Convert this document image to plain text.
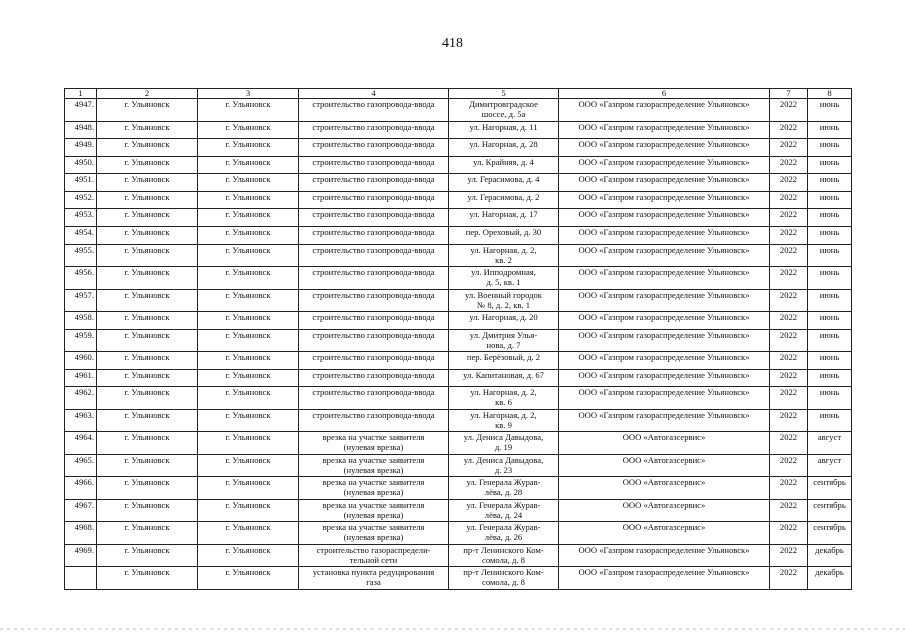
418
1	2	3	4	5	6	7	8
4947.	г. Ульяновск	г. Ульяновск	строительство газопровода-ввода	Димитровградское
шоссе, д. 5а	ООО «Газпром газораспределение Ульяновск»	2022	июнь
4948.	г. Ульяновск	г. Ульяновск	строительство газопровода-ввода	ул. Нагорная, д. 11	ООО «Газпром газораспределение Ульяновск»	2022	июнь
4949.	г. Ульяновск	г. Ульяновск	строительство газопровода-ввода	ул. Нагорная, д. 28	ООО «Газпром газораспределение Ульяновск»	2022	июнь
4950.	г. Ульяновск	г. Ульяновск	строительство газопровода-ввода	ул. Крайняя, д. 4	ООО «Газпром газораспределение Ульяновск»	2022	июнь
4951.	г. Ульяновск	г. Ульяновск	строительство газопровода-ввода	ул. Герасимова, д. 4	ООО «Газпром газораспределение Ульяновск»	2022	июнь
4952.	г. Ульяновск	г. Ульяновск	строительство газопровода-ввода	ул. Герасимова, д. 2	ООО «Газпром газораспределение Ульяновск»	2022	июнь
4953.	г. Ульяновск	г. Ульяновск	строительство газопровода-ввода	ул. Нагорная, д. 17	ООО «Газпром газораспределение Ульяновск»	2022	июнь
4954.	г. Ульяновск	г. Ульяновск	строительство газопровода-ввода	пер. Ореховый, д. 30	ООО «Газпром газораспределение Ульяновск»	2022	июнь
4955.	г. Ульяновск	г. Ульяновск	строительство газопровода-ввода	ул. Нагорная, д. 2,
кв. 2	ООО «Газпром газораспределение Ульяновск»	2022	июнь
4956.	г. Ульяновск	г. Ульяновск	строительство газопровода-ввода	ул. Ипподромная,
д. 5, кв. 1	ООО «Газпром газораспределение Ульяновск»	2022	июнь
4957.	г. Ульяновск	г. Ульяновск	строительство газопровода-ввода	ул. Военный городок
№ 8, д. 2, кв. 1	ООО «Газпром газораспределение Ульяновск»	2022	июнь
4958.	г. Ульяновск	г. Ульяновск	строительство газопровода-ввода	ул. Нагорная, д. 20	ООО «Газпром газораспределение Ульяновск»	2022	июнь
4959.	г. Ульяновск	г. Ульяновск	строительство газопровода-ввода	ул. Дмитрия Улья-
нова, д. 7	ООО «Газпром газораспределение Ульяновск»	2022	июнь
4960.	г. Ульяновск	г. Ульяновск	строительство газопровода-ввода	пер. Берёзовый, д. 2	ООО «Газпром газораспределение Ульяновск»	2022	июнь
4961.	г. Ульяновск	г. Ульяновск	строительство газопровода-ввода	ул. Капитановая, д. 67	ООО «Газпром газораспределение Ульяновск»	2022	июнь
4962.	г. Ульяновск	г. Ульяновск	строительство газопровода-ввода	ул. Нагорная, д. 2,
кв. 6	ООО «Газпром газораспределение Ульяновск»	2022	июнь
4963.	г. Ульяновск	г. Ульяновск	строительство газопровода-ввода	ул. Нагорная, д. 2,
кв. 9	ООО «Газпром газораспределение Ульяновск»	2022	июнь
4964.	г. Ульяновск	г. Ульяновск	врезка на участке заявителя
(нулевая врезка)	ул. Дениса Давыдова,
д. 19	ООО «Автогазсервис»	2022	август
4965.	г. Ульяновск	г. Ульяновск	врезка на участке заявителя
(нулевая врезка)	ул. Дениса Давыдова,
д. 23	ООО «Автогазсервис»	2022	август
4966.	г. Ульяновск	г. Ульяновск	врезка на участке заявителя
(нулевая врезка)	ул. Генерала Журав-
лёва, д. 28	ООО «Автогазсервис»	2022	сентябрь
4967.	г. Ульяновск	г. Ульяновск	врезка на участке заявителя
(нулевая врезка)	ул. Генерала Журав-
лёва, д. 24	ООО «Автогазсервис»	2022	сентябрь
4968.	г. Ульяновск	г. Ульяновск	врезка на участке заявителя
(нулевая врезка)	ул. Генерала Журав-
лёва, д. 26	ООО «Автогазсервис»	2022	сентябрь
4969.	г. Ульяновск	г. Ульяновск	строительство газораспредели-
тельной сети	пр-т Ленинского Ком-
сомола, д. 8	ООО «Газпром газораспределение Ульяновск»	2022	декабрь
	г. Ульяновск	г. Ульяновск	установка пункта редуцирования
газа	пр-т Ленинского Ком-
сомола, д. 8	ООО «Газпром газораспределение Ульяновск»	2022	декабрь
